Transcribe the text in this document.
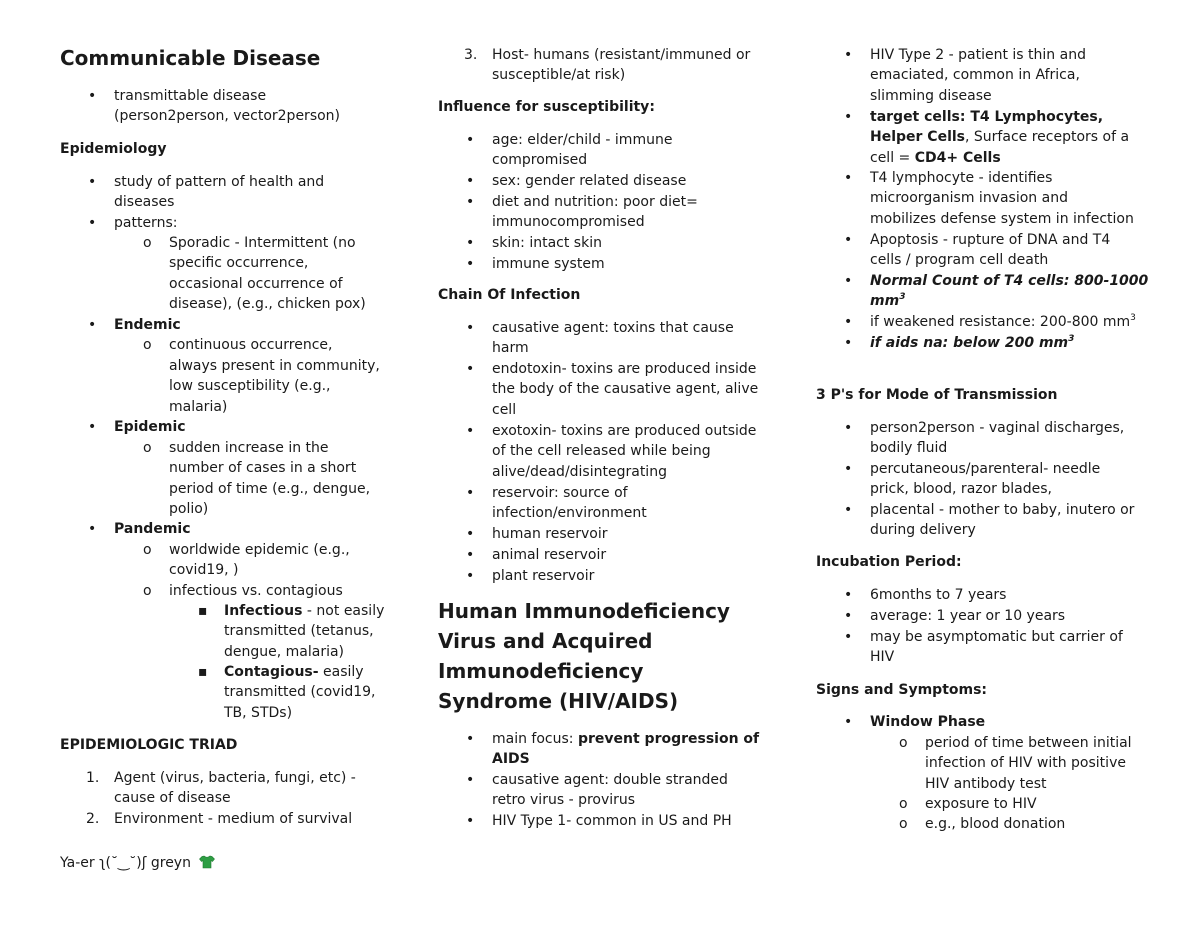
Communicable Disease
•
transmittable disease
(person2person, vector2person)
Epidemiology
•
study of pattern of health and
diseases
•
patterns:
o
Sporadic - Intermittent (no
specific occurrence,
occasional occurrence of
disease), (e.g., chicken pox)
•
Endemic
o
continuous occurrence,
always present in community,
low susceptibility (e.g.,
malaria)
•
Epidemic
o
sudden increase in the
number of cases in a short
period of time (e.g., dengue,
polio)
•
Pandemic
o
worldwide epidemic (e.g.,
covid19, )
o
infectious vs. contagious
▪
Infectious - not easily
transmitted (tetanus,
dengue, malaria)
▪
Contagious- easily
transmitted (covid19,
TB, STDs)
EPIDEMIOLOGIC TRIAD
1. Agent (virus, bacteria, fungi, etc) -
cause of disease
2. Environment - medium of survival
3. Host- humans (resistant/immuned or
susceptible/at risk)
Influence for susceptibility:
•
age: elder/child - immune
compromised
•
sex: gender related disease
•
diet and nutrition: poor diet=
immunocompromised
•
skin: intact skin
•
immune system
Chain Of Infection
•
causative agent: toxins that cause
harm
•
endotoxin- toxins are produced inside
the body of the causative agent, alive
cell
•
exotoxin- toxins are produced outside
of the cell released while being
alive/dead/disintegrating
•
reservoir: source of
infection/environment
•
human reservoir
•
animal reservoir
•
plant reservoir
Human Immunodeficiency
Virus and Acquired
Immunodeficiency
Syndrome (HIV/AIDS)
•
main focus: prevent progression of
AIDS
•
causative agent: double stranded
retro virus - provirus
•
HIV Type 1- common in US and PH
•
HIV Type 2 - patient is thin and
emaciated, common in Africa,
slimming disease
•
target cells: T4 Lymphocytes,
Helper Cells, Surface receptors of a
cell = CD4+ Cells
•
T4 lymphocyte - identifies
microorganism invasion and
mobilizes defense system in infection
•
Apoptosis - rupture of DNA and T4
cells / program cell death
•
Normal Count of T4 cells: 800-1000
$mm^3$
•
if weakened resistance: 200-800 $mm^3$
•
if aids na: below 200 $mm^3$
3 P's for Mode of Transmission
•
person2person - vaginal discharges,
bodily fluid
•
percutaneous/parenteral- needle
prick, blood, razor blades,
•
placental - mother to baby, inutero or
during delivery
Incubation Period:
•
6months to 7 years
•
average: 1 year or 10 years
•
may be asymptomatic but carrier of
HIV
Signs and Symptoms:
•
Window Phase
o
period of time between initial
infection of HIV with positive
HIV antibody test
o
exposure to HIV
o
e.g., blood donation
Ya-er ʅ(˘‿˘)ʃ greyn
